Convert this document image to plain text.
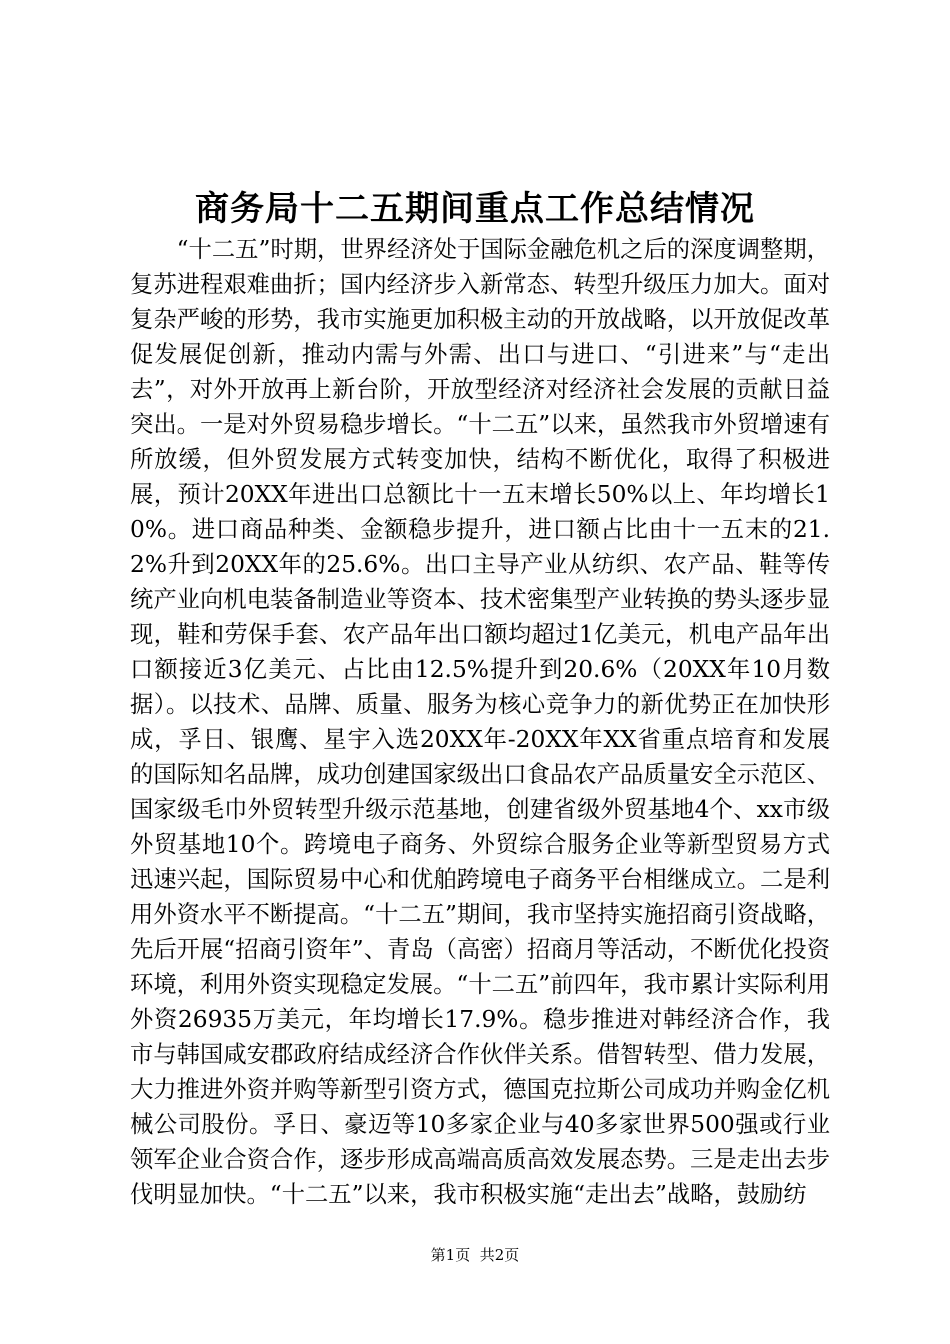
商务局十二五期间重点工作总结情况

“十二五”时期，世界经济处于国际金融危机之后的深度调整期，复苏进程艰难曲折；国内经济步入新常态、转型升级压力加大。面对复杂严峻的形势，我市实施更加积极主动的开放战略，以开放促改革促发展促创新，推动内需与外需、出口与进口、“引进来”与“走出去”，对外开放再上新台阶，开放型经济对经济社会发展的贡献日益突出。一是对外贸易稳步增长。“十二五”以来，虽然我市外贸增速有所放缓，但外贸发展方式转变加快，结构不断优化，取得了积极进展，预计20XX年进出口总额比十一五末增长50%以上、年均增长10%。进口商品种类、金额稳步提升，进口额占比由十一五末的21.2%升到20XX年的25.6%。出口主导产业从纺织、农产品、鞋等传统产业向机电装备制造业等资本、技术密集型产业转换的势头逐步显现，鞋和劳保手套、农产品年出口额均超过1亿美元，机电产品年出口额接近3亿美元、占比由12.5%提升到20.6%（20XX年10月数据）。以技术、品牌、质量、服务为核心竞争力的新优势正在加快形成，孚日、银鹰、星宇入选20XX年-20XX年XX省重点培育和发展的国际知名品牌，成功创建国家级出口食品农产品质量安全示范区、国家级毛巾外贸转型升级示范基地，创建省级外贸基地4个、xx市级外贸基地10个。跨境电子商务、外贸综合服务企业等新型贸易方式迅速兴起，国际贸易中心和优舶跨境电子商务平台相继成立。二是利用外资水平不断提高。“十二五”期间，我市坚持实施招商引资战略，先后开展“招商引资年”、青岛（高密）招商月等活动，不断优化投资环境，利用外资实现稳定发展。“十二五”前四年，我市累计实际利用外资26935万美元，年均增长17.9%。稳步推进对韩经济合作，我市与韩国咸安郡政府结成经济合作伙伴关系。借智转型、借力发展，大力推进外资并购等新型引资方式，德国克拉斯公司成功并购金亿机械公司股份。孚日、豪迈等10多家企业与40多家世界500强或行业领军企业合资合作，逐步形成高端高质高效发展态势。三是走出去步伐明显加快。“十二五”以来，我市积极实施“走出去”战略，鼓励纺

第1页 共2页
